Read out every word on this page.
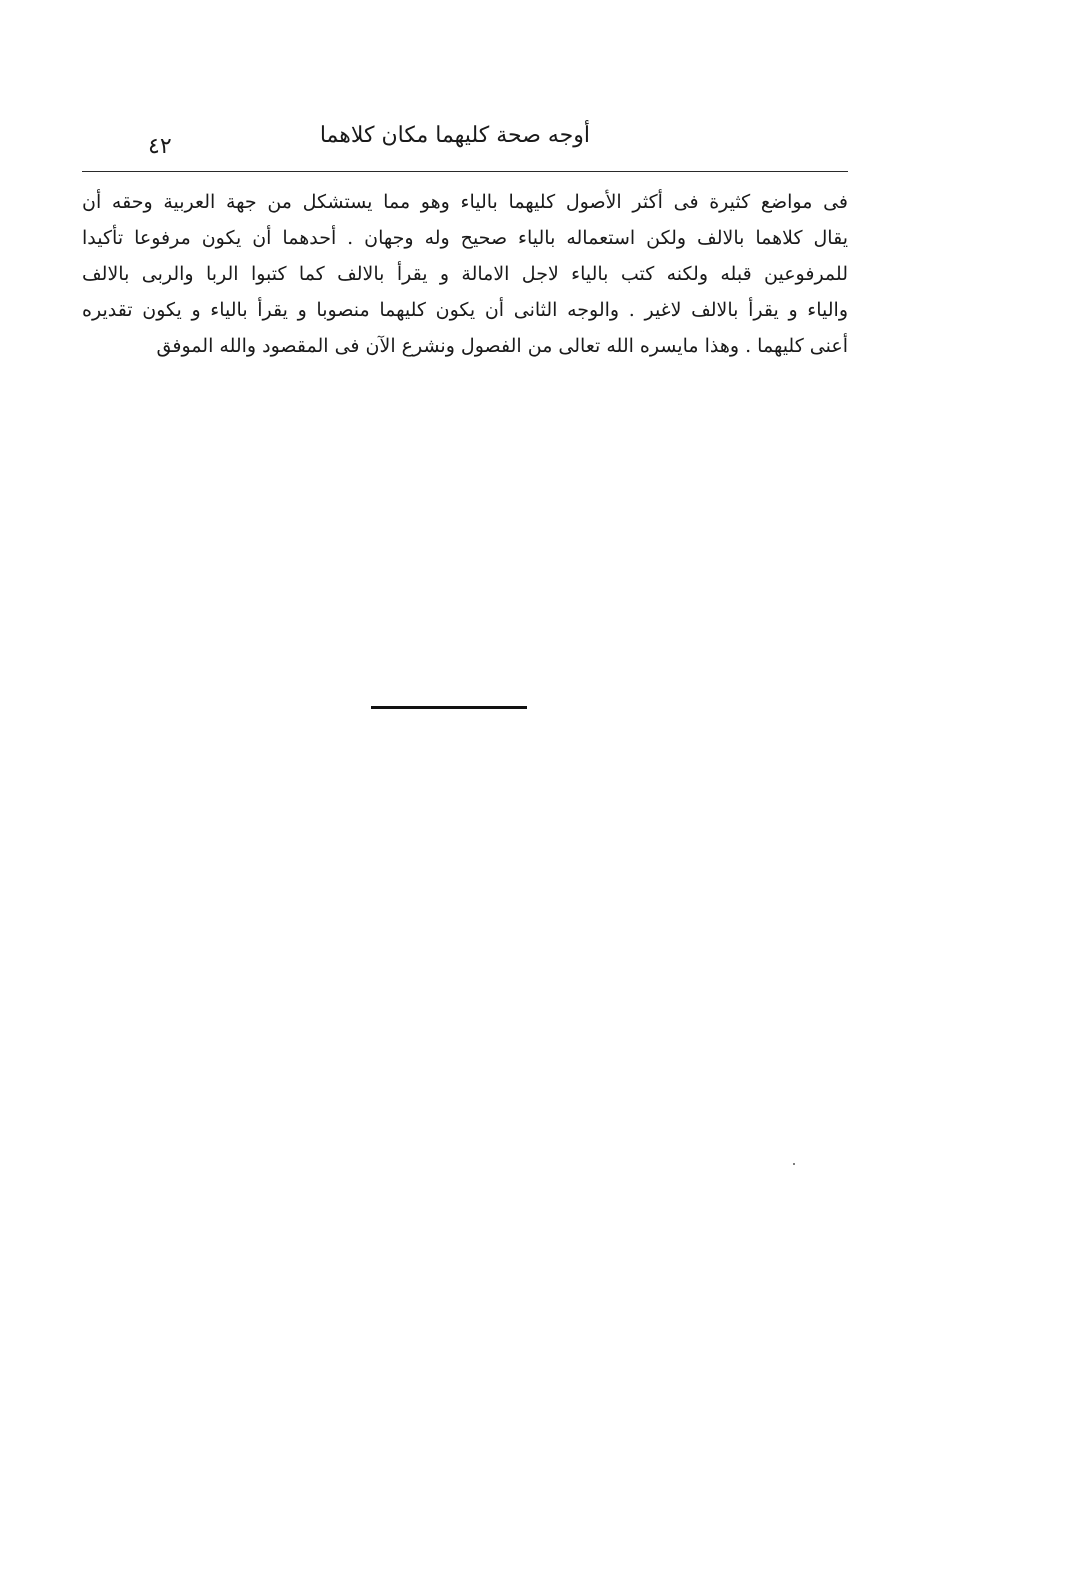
أوجه صحة كليهما مكان كلاهما
٤٢
فى مواضع كثيرة فى أكثر الأصول كليهما بالياء وهو مما يستشكل من جهة العربية وحقه أن
يقال كلاهما بالالف ولكن استعماله بالياء صحيح وله وجهان . أحدهما أن يكون مرفوعا تأكيدا
للمرفوعين قبله ولكنه كتب بالياء لاجل الامالة و يقرأ بالالف كما كتبوا الربا والربى بالالف
والياء و يقرأ بالالف لاغير . والوجه الثانى أن يكون كليهما منصوبا و يقرأ بالياء و يكون تقديره
أعنى كليهما . وهذا مايسره الله تعالى من الفصول ونشرع الآن فى المقصود والله الموفق
